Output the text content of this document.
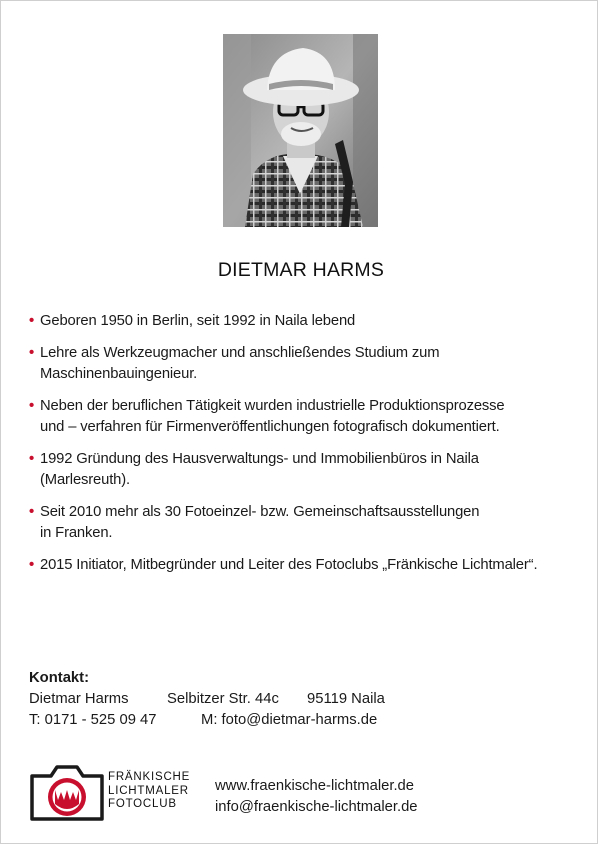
DIETMAR HARMS
• Geboren 1950 in Berlin, seit 1992 in Naila lebend
• Lehre als Werkzeugmacher und anschließendes Studium zum
Maschinenbauingenieur.
• Neben der beruflichen Tätigkeit wurden industrielle Produktionsprozesse
und – verfahren für Firmenveröffentlichungen fotografisch dokumentiert.
• 1992 Gründung des Hausverwaltungs- und Immobilienbüros in Naila
(Marlesreuth).
• Seit 2010 mehr als 30 Fotoeinzel- bzw. Gemeinschaftsausstellungen
in Franken.
• 2015 Initiator, Mitbegründer und Leiter des Fotoclubs „Fränkische Lichtmaler“.
Kontakt:
Dietmar Harms	Selbitzer Str. 44c 95119 Naila
T: 0171 - 525 09 47	M: foto@dietmar-harms.de
FRÄNKISCHE
LICHTMALER
FOTOCLUB
www.fraenkische-lichtmaler.de
info@fraenkische-lichtmaler.de
